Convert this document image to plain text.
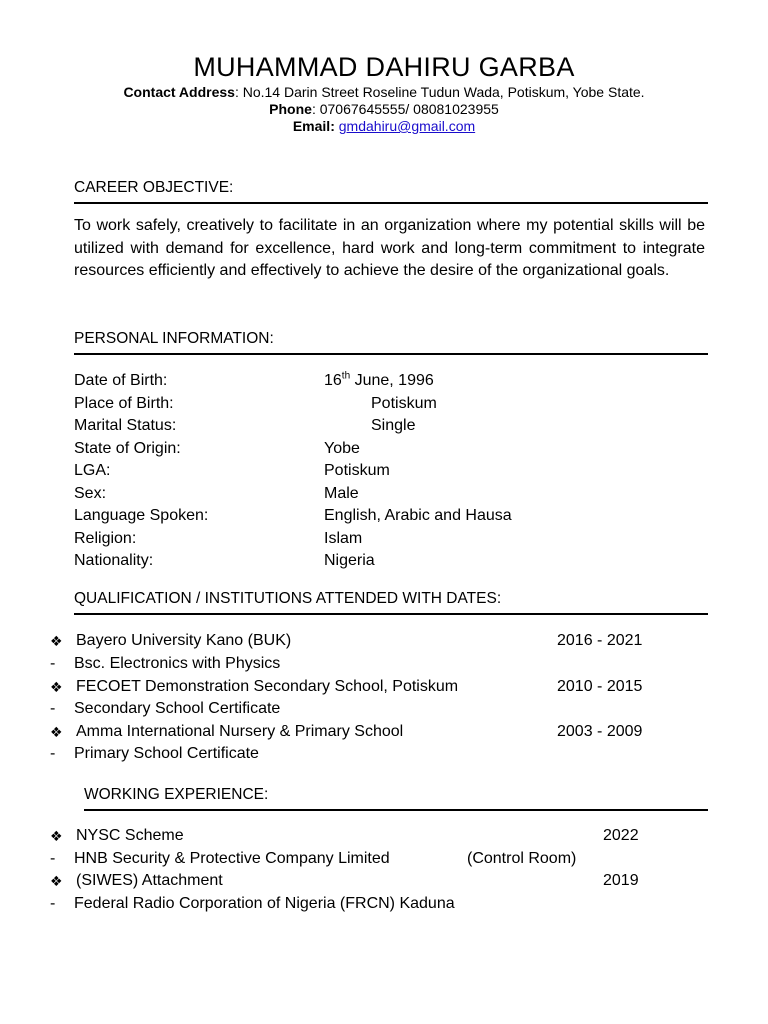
MUHAMMAD DAHIRU GARBA
Contact Address: No.14 Darin Street Roseline Tudun Wada, Potiskum, Yobe State.
Phone: 07067645555/ 08081023955
Email: gmdahiru@gmail.com
CAREER OBJECTIVE:

To work safely, creatively to facilitate in an organization where my potential skills will be utilized with demand for excellence, hard work and long-term commitment to integrate resources efficiently and effectively to achieve the desire of the organizational goals.

PERSONAL INFORMATION:
Date of Birth:	16th June, 1996
Place of Birth:	Potiskum
Marital Status:	Single
State of Origin:	Yobe
LGA:	Potiskum
Sex:	Male
Language Spoken:	English, Arabic and Hausa
Religion:	Islam
Nationality:	Nigeria
QUALIFICATION / INSTITUTIONS ATTENDED WITH DATES:
❖ Bayero University Kano (BUK)	2016 - 2021
- Bsc. Electronics with Physics
❖ FECOET Demonstration Secondary School, Potiskum	2010 - 2015
- Secondary School Certificate
❖ Amma International Nursery & Primary School	2003 - 2009
- Primary School Certificate
WORKING EXPERIENCE:
❖ NYSC Scheme	2022
- HNB Security & Protective Company Limited	(Control Room)
❖ (SIWES) Attachment	2019
- Federal Radio Corporation of Nigeria (FRCN) Kaduna
